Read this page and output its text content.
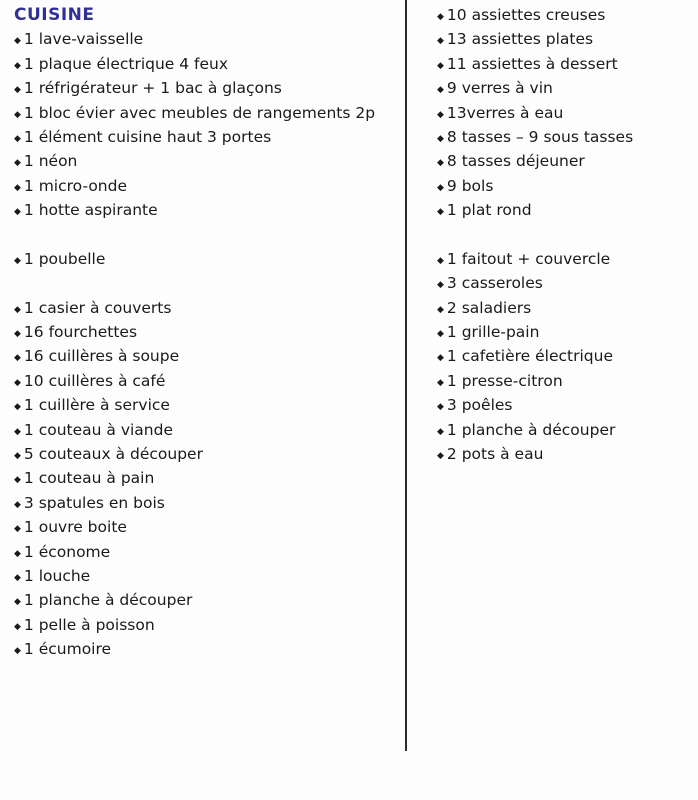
CUISINE
◆ 1 lave-vaisselle
◆ 1 plaque électrique 4 feux
◆ 1 réfrigérateur + 1 bac à glaçons
◆ 1 bloc évier avec meubles de rangements 2p
◆ 1 élément cuisine haut 3 portes
◆ 1 néon
◆ 1 micro-onde
◆ 1 hotte aspirante
◆ 1 poubelle
◆ 1 casier à couverts
◆ 16 fourchettes
◆ 16 cuillères à soupe
◆ 10 cuillères à café
◆ 1 cuillère à service
◆ 1 couteau à viande
◆ 5 couteaux à découper
◆ 1 couteau à pain
◆ 3 spatules en bois
◆ 1 ouvre boite
◆ 1 économe
◆ 1 louche
◆ 1 planche à découper
◆ 1 pelle à poisson
◆ 1 écumoire
◆ 10 assiettes creuses
◆ 13 assiettes plates
◆ 11 assiettes à dessert
◆ 9 verres à vin
◆ 13verres à eau
◆ 8 tasses – 9 sous tasses
◆ 8 tasses déjeuner
◆ 9 bols
◆ 1 plat rond
◆ 1 faitout + couvercle
◆ 3 casseroles
◆ 2 saladiers
◆ 1 grille-pain
◆ 1 cafetière électrique
◆ 1 presse-citron
◆ 3 poêles
◆ 1 planche à découper
◆ 2 pots à eau
